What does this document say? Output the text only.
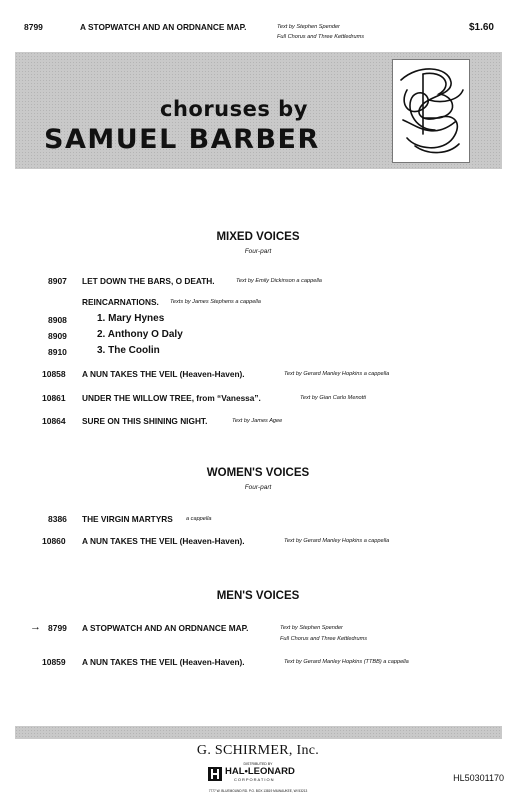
8799	A STOPWATCH AND AN ORDNANCE MAP.	Text by Stephen Spender
Full Chorus and Three Kettledrums
$1.60
choruses by
SAMUEL BARBER
MIXED VOICES
Four-part
8907 LET DOWN THE BARS, O DEATH.	Text by Emily Dickinson a cappella
REINCARNATIONS. Texts by James Stephens a cappella
8908	1. Mary Hynes
8909	2. Anthony O Daly
8910	3. The Coolin
10858 A NUN TAKES THE VEIL (Heaven-Haven).	Text by Gerard Manley Hopkins a cappella
10861 UNDER THE WILLOW TREE, from “Vanessa”.	Text by Gian Carlo Menotti
10864 SURE ON THIS SHINING NIGHT.	Text by James Agee
WOMEN'S VOICES
Four-part
8386 THE VIRGIN MARTYRS a cappella
10860 A NUN TAKES THE VEIL (Heaven-Haven).	Text by Gerard Manley Hopkins a cappella
MEN'S VOICES
→ 8799 A STOPWATCH AND AN ORDNANCE MAP.	Text by Stephen Spender
Full Chorus and Three Kettledrums
10859 A NUN TAKES THE VEIL (Heaven-Haven).	Text by Gerard Manley Hopkins (TTBB) a cappella
G. SCHIRMER, Inc.
DISTRIBUTED BY
HAL•LEONARD
CORPORATION
7777 W. BLUEMOUND RD. P.O. BOX 13819 MILWAUKEE, WI 53213
HL50301170
